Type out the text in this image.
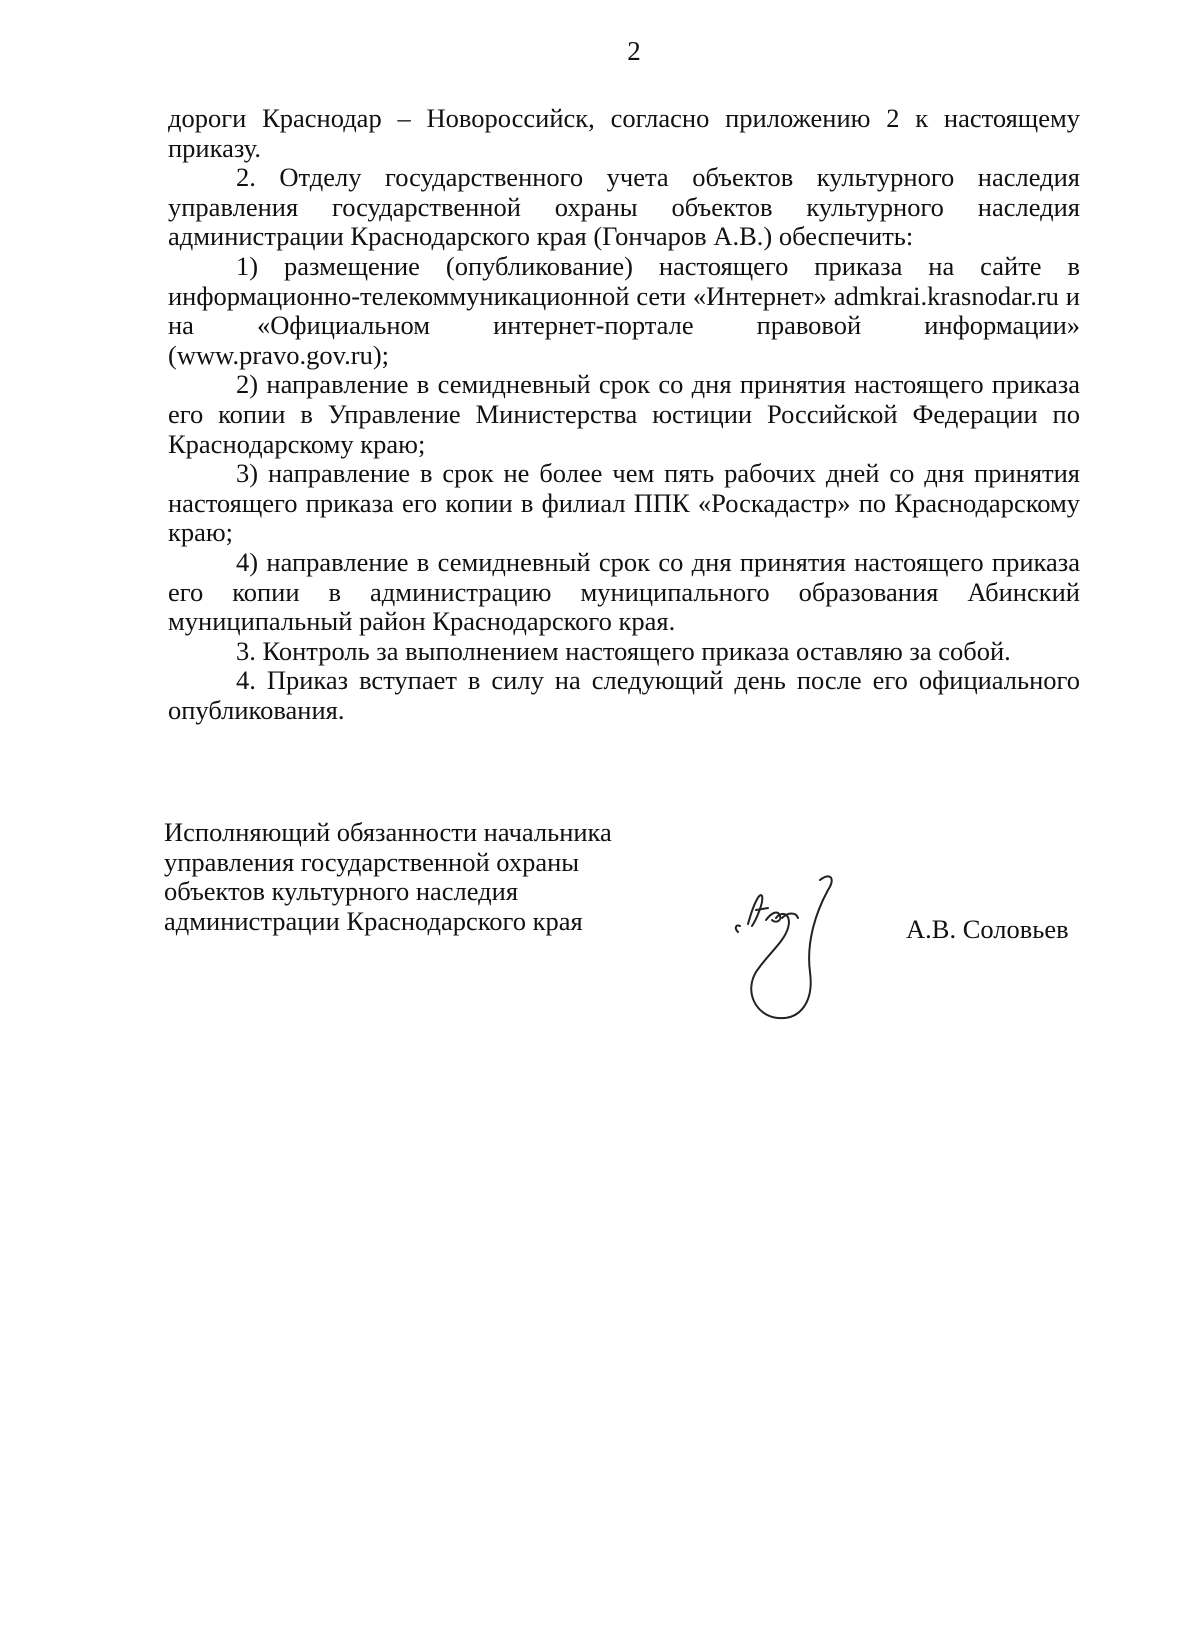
2

дороги Краснодар – Новороссийск, согласно приложению 2 к настоящему приказу.

2. Отделу государственного учета объектов культурного наследия управления государственной охраны объектов культурного наследия администрации Краснодарского края (Гончаров А.В.) обеспечить:

1) размещение (опубликование) настоящего приказа на сайте в информационно-телекоммуникационной сети «Интернет» admkrai.krasnodar.ru и на «Официальном интернет-портале правовой информации» (www.pravo.gov.ru);

2) направление в семидневный срок со дня принятия настоящего приказа его копии в Управление Министерства юстиции Российской Федерации по Краснодарскому краю;

3) направление в срок не более чем пять рабочих дней со дня принятия настоящего приказа его копии в филиал ППК «Роскадастр» по Краснодарскому краю;

4) направление в семидневный срок со дня принятия настоящего приказа его копии в администрацию муниципального образования Абинский муниципальный район Краснодарского края.

3. Контроль за выполнением настоящего приказа оставляю за собой.

4. Приказ вступает в силу на следующий день после его официального опубликования.

Исполняющий обязанности начальника
управления государственной охраны
объектов культурного наследия
администрации Краснодарского края	А.В. Соловьев
